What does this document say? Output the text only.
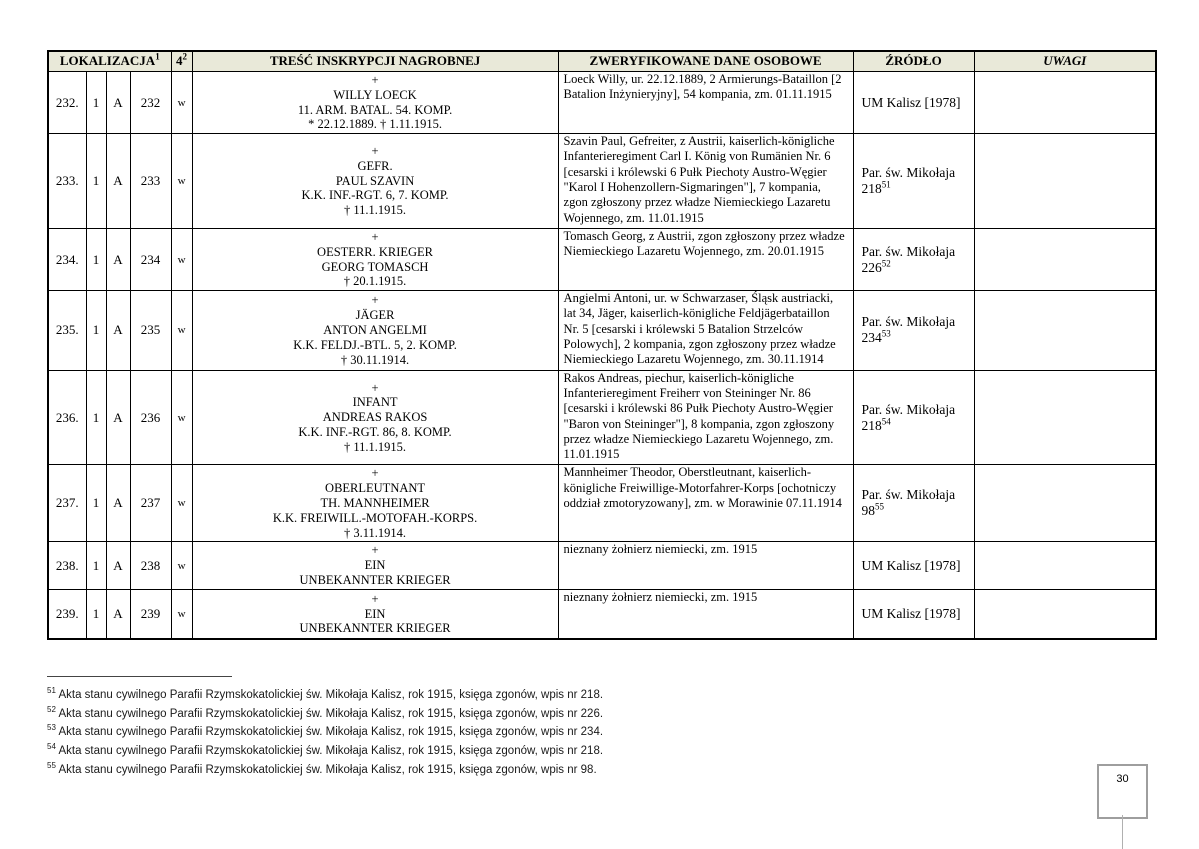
LOKALIZACJA$^1$				$4^2$	TREŚĆ INSKRYPCJI NAGROBNEJ	ZWERYFIKOWANE DANE OSOBOWE	ŹRÓDŁO	UWAGI
232.	1	A	232	w	+
WILLY LOECK
11. ARM. BATAL. 54. KOMP.
* 22.12.1889. † 1.11.1915.	Loeck Willy, ur. 22.12.1889, 2 Armierungs-Bataillon [2 Batalion Inżynieryjny], 54 kompania, zm. 01.11.1915	UM Kalisz [1978]	
233.	1	A	233	w	
+
GEFR.
PAUL SZAVIN
K.K. INF.-RGT. 6, 7. KOMP.
† 11.1.1915.
	Szavin Paul, Gefreiter, z Austrii, kaiserlich-königliche Infanterieregiment Carl I. König von Rumänien Nr. 6 [cesarski i królewski 6 Pułk Piechoty Austro-Węgier "Karol I Hohenzollern-Sigmaringen"], 7 kompania, zgon zgłoszony przez władze Niemieckiego Lazaretu Wojennego, zm. 11.01.1915	Par. św. Mikołaja $218^{51}$	
234.	1	A	234	w	+
OESTERR. KRIEGER
GEORG TOMASCH
† 20.1.1915.	Tomasch Georg, z Austrii, zgon zgłoszony przez władze Niemieckiego Lazaretu Wojennego, zm. 20.01.1915	Par. św. Mikołaja $226^{52}$	
235.	1	A	235	w	
+
JÄGER
ANTON ANGELMI
K.K. FELDJ.-BTL. 5, 2. KOMP.
† 30.11.1914.
	Angielmi Antoni, ur. w Schwarzaser, Śląsk austriacki, lat 34, Jäger, kaiserlich-königliche Feldjägerbataillon Nr. 5 [cesarski i królewski 5 Batalion Strzelców Polowych], 2 kompania, zgon zgłoszony przez władze Niemieckiego Lazaretu Wojennego, zm. 30.11.1914	Par. św. Mikołaja $234^{53}$	
236.	1	A	236	w	
+
INFANT
ANDREAS RAKOS
K.K. INF.-RGT. 86, 8. KOMP.
† 11.1.1915.
	Rakos Andreas, piechur, kaiserlich-königliche Infanterieregiment Freiherr von Steininger Nr. 86 [cesarski i królewski 86 Pułk Piechoty Austro-Węgier "Baron von Steininger"], 8 kompania, zgon zgłoszony przez władze Niemieckiego Lazaretu Wojennego, zm. 11.01.1915	Par. św. Mikołaja $218^{54}$	
237.	1	A	237	w	+
OBERLEUTNANT
TH. MANNHEIMER
K.K. FREIWILL.-MOTOFAH.-KORPS.
† 3.11.1914.	Mannheimer Theodor, Oberstleutnant, kaiserlich-königliche Freiwillige-Motorfahrer-Korps [ochotniczy oddział zmotoryzowany], zm. w Morawinie 07.11.1914	Par. św. Mikołaja $98^{55}$	
238.	1	A	238	w	+
EIN
UNBEKANNTER KRIEGER	nieznany żołnierz niemiecki, zm. 1915	UM Kalisz [1978]	
239.	1	A	239	w	+
EIN
UNBEKANNTER KRIEGER	nieznany żołnierz niemiecki, zm. 1915	UM Kalisz [1978]	
$^{51}$ Akta stanu cywilnego Parafii Rzymskokatolickiej św. Mikołaja Kalisz, rok 1915, księga zgonów, wpis nr 218.
$^{52}$ Akta stanu cywilnego Parafii Rzymskokatolickiej św. Mikołaja Kalisz, rok 1915, księga zgonów, wpis nr 226.
$^{53}$ Akta stanu cywilnego Parafii Rzymskokatolickiej św. Mikołaja Kalisz, rok 1915, księga zgonów, wpis nr 234.
$^{54}$ Akta stanu cywilnego Parafii Rzymskokatolickiej św. Mikołaja Kalisz, rok 1915, księga zgonów, wpis nr 218.
$^{55}$ Akta stanu cywilnego Parafii Rzymskokatolickiej św. Mikołaja Kalisz, rok 1915, księga zgonów, wpis nr 98.
30
